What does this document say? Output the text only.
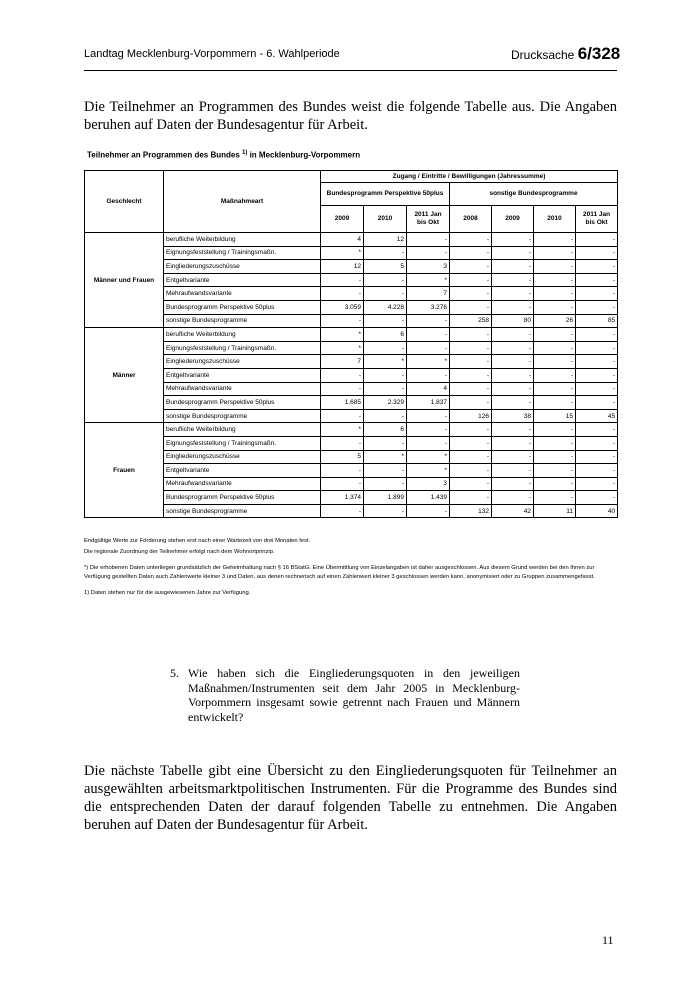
Landtag Mecklenburg-Vorpommern - 6. Wahlperiode	Drucksache 6/328
Die Teilnehmer an Programmen des Bundes weist die folgende Tabelle aus. Die Angaben beruhen auf Daten der Bundesagentur für Arbeit.
Teilnehmer an Programmen des Bundes $^{1)}$ in Mecklenburg-Vorpommern
Geschlecht	Maßnahmeart	Zugang / Eintritte / Bewilligungen (Jahressumme)						
		Bundesprogramm Perspektive 50plus			sonstige Bundesprogramme			
		2009	2010	2011 Jan bis Okt	2008	2009	2010	2011 Jan bis Okt
Männer und Frauen	berufliche Weiterbildung	4	12	-	-	-	-	-
	Eignungsfeststellung / Trainingsmaßn.	*	-	-	-	-	-	-
	Eingliederungszuschüsse	12	5	3	-	-	-	-
	Entgeltvariante	-	-	*	-	-	-	-
	Mehraufwandsvariante	-	-	7	-	-	-	-
	Bundesprogramm Perspektive 50plus	3.059	4.228	3.276	-	-	-	-
	sonstige Bundesprogramme	-	-	-	258	80	26	85
Männer	berufliche Weiterbildung	*	6	-	-	-	-	-
	Eignungsfeststellung / Trainingsmaßn.	*	-	-	-	-	-	-
	Eingliederungszuschüsse	7	*	*	-	-	-	-
	Entgeltvariante	-	-	-	-	-	-	-
	Mehraufwandsvariante	-	-	4	-	-	-	-
	Bundesprogramm Perspektive 50plus	1.685	2.329	1.837	-	-	-	-
	sonstige Bundesprogramme	-	-	-	126	38	15	45
Frauen	berufliche Weiterbildung	*	6	-	-	-	-	-
	Eignungsfeststellung / Trainingsmaßn.	-	-	-	-	-	-	-
	Eingliederungszuschüsse	5	*	*	-	-	-	-
	Entgeltvariante	-	-	*	-	-	-	-
	Mehraufwandsvariante	-	-	3	-	-	-	-
	Bundesprogramm Perspektive 50plus	1.374	1.899	1.439	-	-	-	-
	sonstige Bundesprogramme	-	-	-	132	42	11	40

Endgültige Werte zur Förderung stehen erst nach einer Wartezeit von drei Monaten fest.

Die regionale Zuordnung der Teilnehmer erfolgt nach dem Wohnortprinzip.

*) Die erhobenen Daten unterliegen grundsätzlich der Geheimhaltung nach § 16 BStatG. Eine Übermittlung von Einzelangaben ist daher ausgeschlossen. Aus diesem Grund werden bei den Ihnen zur Verfügung gestellten Daten auch Zahlenwerte kleiner 3 und Daten, aus denen rechnerisch auf einen Zahlenwert kleiner 3 geschlossen werden kann, anonymisiert oder zu Gruppen zusammengefasst.

1) Daten stehen nur für die ausgewiesenen Jahre zur Verfügung.

5. Wie haben sich die Eingliederungsquoten in den jeweiligen Maßnahmen/Instrumenten seit dem Jahr 2005 in Mecklenburg-Vorpommern insgesamt sowie getrennt nach Frauen und Männern entwickelt?
Die nächste Tabelle gibt eine Übersicht zu den Eingliederungsquoten für Teilnehmer an ausgewählten arbeitsmarktpolitischen Instrumenten. Für die Programme des Bundes sind die entsprechenden Daten der darauf folgenden Tabelle zu entnehmen. Die Angaben beruhen auf Daten der Bundesagentur für Arbeit.
11
